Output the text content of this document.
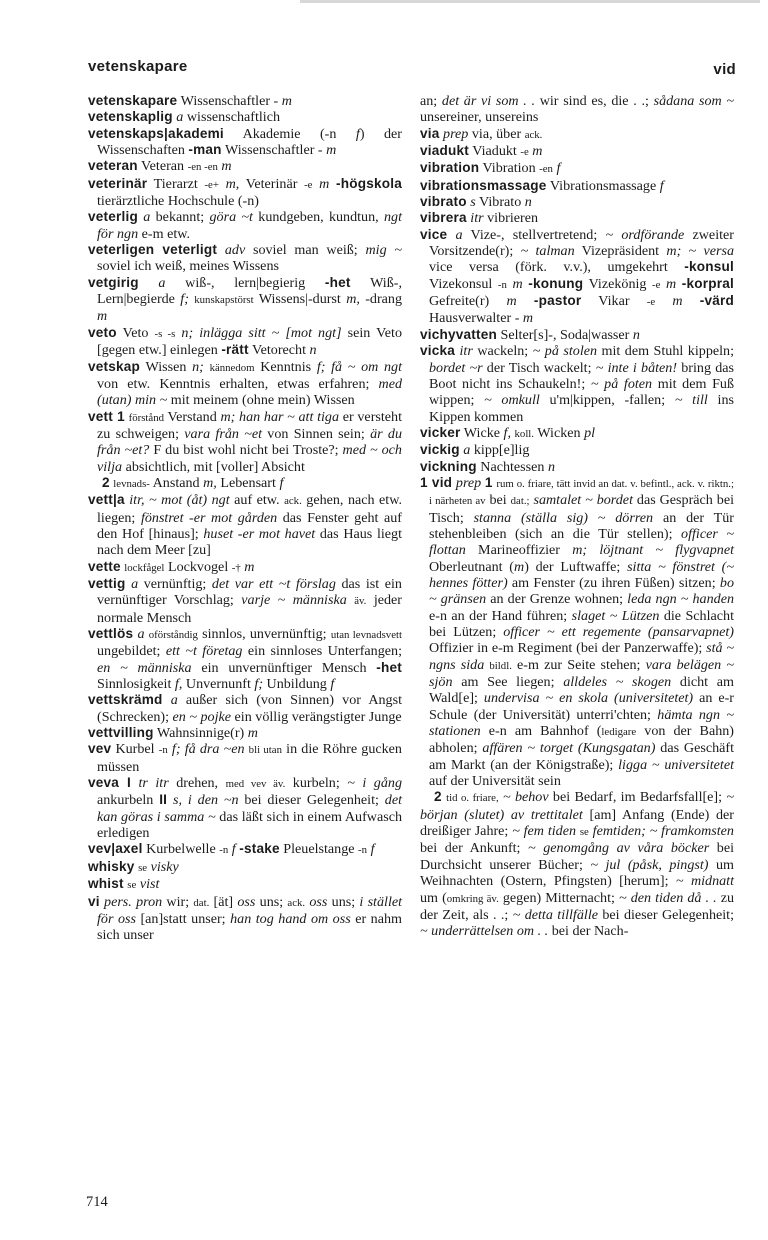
vetenskapare	vid

vetenskapare Wissenschaftler - m

vetenskaplig a wissenschaftlich

vetenskaps|akademi Akademie (-n f) der Wissenschaften -man Wissenschaftler - m

veteran Veteran -en -en m

veterinär Tierarzt -e+ m, Veterinär -e m -högskola tierärztliche Hochschule (-n)

veterlig a bekannt; göra ~t kundgeben, kundtun, ngt för ngn e-m etw.

veterligen veterligt adv soviel man weiß; mig ~ soviel ich weiß, meines Wissens

vetgirig a wiß-, lern|begierig -het Wiß-, Lern|begierde f; kunskapstörst Wissens|-durst m, -drang m

veto Veto -s -s n; inlägga sitt ~ [mot ngt] sein Veto [gegen etw.] einlegen -rätt Vetorecht n

vetskap Wissen n; kännedom Kenntnis f; få ~ om ngt von etw. Kenntnis erhalten, etwas erfahren; med (utan) min ~ mit meinem (ohne mein) Wissen

vett 1 förstånd Verstand m; han har ~ att tiga er versteht zu schweigen; vara från ~et von Sinnen sein; är du från ~et? F du bist wohl nicht bei Troste?; med ~ och vilja absichtlich, mit [voller] Absicht

2 levnads- Anstand m, Lebensart f

vett|a itr, ~ mot (åt) ngt auf etw. ack. gehen, nach etw. liegen; fönstret -er mot gården das Fenster geht auf den Hof [hinaus]; huset -er mot havet das Haus liegt nach dem Meer [zu]

vette lockfågel Lockvogel -† m

vettig a vernünftig; det var ett ~t förslag das ist ein vernünftiger Vorschlag; varje ~ människa äv. jeder normale Mensch

vettlös a oförståndig sinnlos, unvernünftig; utan levnadsvett ungebildet; ett ~t företag ein sinnloses Unterfangen; en ~ människa ein unvernünftiger Mensch -het Sinnlosigkeit f, Unvernunft f; Unbildung f

vettskrämd a außer sich (von Sinnen) vor Angst (Schrecken); en ~ pojke ein völlig verängstigter Junge

vettvilling Wahnsinnige(r) m

vev Kurbel -n f; få dra ~en bli utan in die Röhre gucken müssen

veva I tr itr drehen, med vev äv. kurbeln; ~ i gång ankurbeln II s, i den ~n bei dieser Gelegenheit; det kan göras i samma ~ das läßt sich in einem Aufwasch erledigen

vev|axel Kurbelwelle -n f -stake Pleuelstange -n f

whisky se visky

whist se vist

vi pers. pron wir; dat. [ät] oss uns; ack. oss uns; i stället för oss [an]statt unser; han tog hand om oss er nahm sich unser

an; det är vi som . . wir sind es, die . .; sådana som ~ unsereiner, unsereins

via prep via, über ack.

viadukt Viadukt -e m

vibration Vibration -en f

vibrationsmassage Vibrationsmassage f

vibrato s Vibrato n

vibrera itr vibrieren

vice a Vize-, stellvertretend; ~ ordförande zweiter Vorsitzende(r); ~ talman Vizepräsident m; ~ versa vice versa (förk. v.v.), umgekehrt -konsul Vizekonsul -n m -konung Vizekönig -e m -korpral Gefreite(r) m -pastor Vikar -e m -värd Hausverwalter - m

vichyvatten Selter[s]-, Soda|wasser n

vicka itr wackeln; ~ på stolen mit dem Stuhl kippeln; bordet ~r der Tisch wackelt; ~ inte i båten! bring das Boot nicht ins Schaukeln!; ~ på foten mit dem Fuß wippen; ~ omkull u'm|kippen, -fallen; ~ till ins Kippen kommen

vicker Wicke f, koll. Wicken pl

vickig a kipp[e]lig

vickning Nachtessen n

1 vid prep 1 rum o. friare, tätt invid an dat. v. befintl., ack. v. riktn.; i närheten av bei dat.; samtalet ~ bordet das Gespräch bei Tisch; stanna (ställa sig) ~ dörren an der Tür stehenbleiben (sich an die Tür stellen); officer ~ flottan Marineoffizier m; löjtnant ~ flygvapnet Oberleutnant (m) der Luftwaffe; sitta ~ fönstret (~ hennes fötter) am Fenster (zu ihren Füßen) sitzen; bo ~ gränsen an der Grenze wohnen; leda ngn ~ handen e-n an der Hand führen; slaget ~ Lützen die Schlacht bei Lützen; officer ~ ett regemente (pansarvapnet) Offizier in e-m Regiment (bei der Panzerwaffe); stå ~ ngns sida bildl. e-m zur Seite stehen; vara belägen ~ sjön am See liegen; alldeles ~ skogen dicht am Wald[e]; undervisa ~ en skola (universitetet) an e-r Schule (der Universität) unterri'chten; hämta ngn ~ stationen e-n am Bahnhof (ledigare von der Bahn) abholen; affären ~ torget (Kungsgatan) das Geschäft am Markt (an der Königstraße); ligga ~ universitetet auf der Universität sein

2 tid o. friare, ~ behov bei Bedarf, im Bedarfsfall[e]; ~ början (slutet) av trettitalet [am] Anfang (Ende) der dreißiger Jahre; ~ fem tiden se femtiden; ~ framkomsten bei der Ankunft; ~ genomgång av våra böcker bei Durchsicht unserer Bücher; ~ jul (påsk, pingst) um Weihnachten (Ostern, Pfingsten) [herum]; ~ midnatt um (omkring äv. gegen) Mitternacht; ~ den tiden då . . zu der Zeit, als . .; ~ detta tillfälle bei dieser Gelegenheit; ~ underrättelsen om . . bei der Nach-

714
